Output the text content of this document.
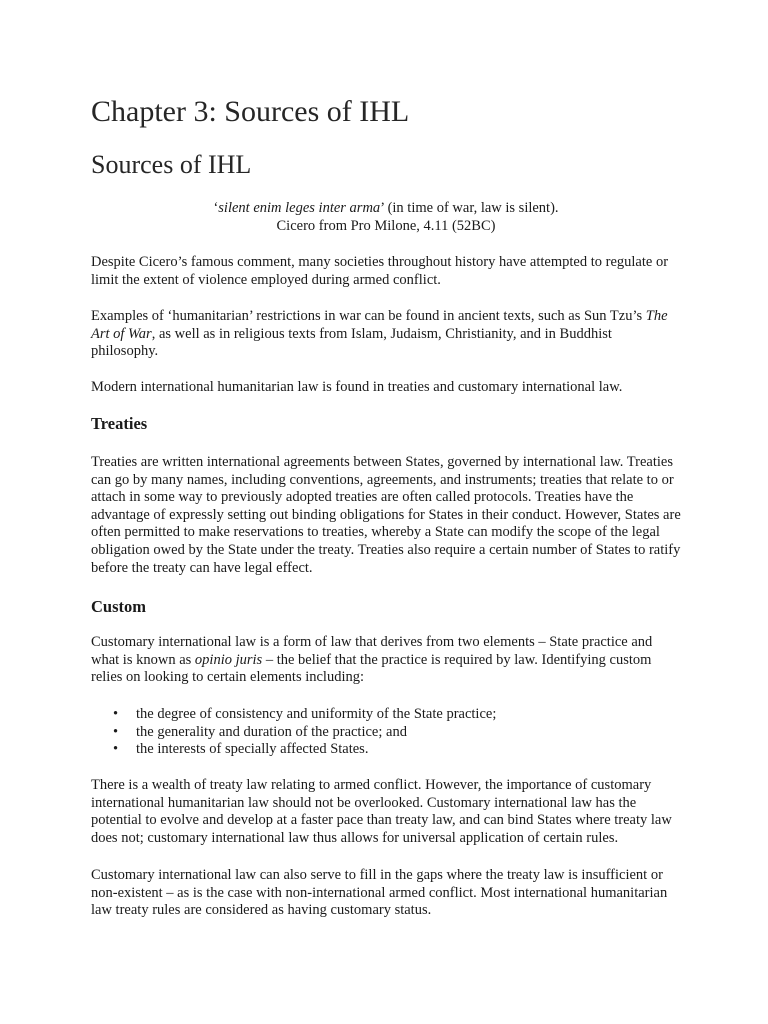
Chapter 3: Sources of IHL
Sources of IHL
‘silent enim leges inter arma’ (in time of war, law is silent).
Cicero from Pro Milone, 4.11 (52BC)

Despite Cicero’s famous comment, many societies throughout history have attempted to regulate or limit the extent of violence employed during armed conflict.

Examples of ‘humanitarian’ restrictions in war can be found in ancient texts, such as Sun Tzu’s The Art of War, as well as in religious texts from Islam, Judaism, Christianity, and in Buddhist philosophy.

Modern international humanitarian law is found in treaties and customary international law.

Treaties

Treaties are written international agreements between States, governed by international law. Treaties can go by many names, including conventions, agreements, and instruments; treaties that relate to or attach in some way to previously adopted treaties are often called protocols. Treaties have the advantage of expressly setting out binding obligations for States in their conduct. However, States are often permitted to make reservations to treaties, whereby a State can modify the scope of the legal obligation owed by the State under the treaty. Treaties also require a certain number of States to ratify before the treaty can have legal effect.

Custom

Customary international law is a form of law that derives from two elements – State practice and what is known as opinio juris – the belief that the practice is required by law. Identifying custom relies on looking to certain elements including:

• the degree of consistency and uniformity of the State practice;
• the generality and duration of the practice; and
• the interests of specially affected States.

There is a wealth of treaty law relating to armed conflict. However, the importance of customary international humanitarian law should not be overlooked. Customary international law has the potential to evolve and develop at a faster pace than treaty law, and can bind States where treaty law does not; customary international law thus allows for universal application of certain rules.

Customary international law can also serve to fill in the gaps where the treaty law is insufficient or non-existent – as is the case with non-international armed conflict. Most international humanitarian law treaty rules are considered as having customary status.
